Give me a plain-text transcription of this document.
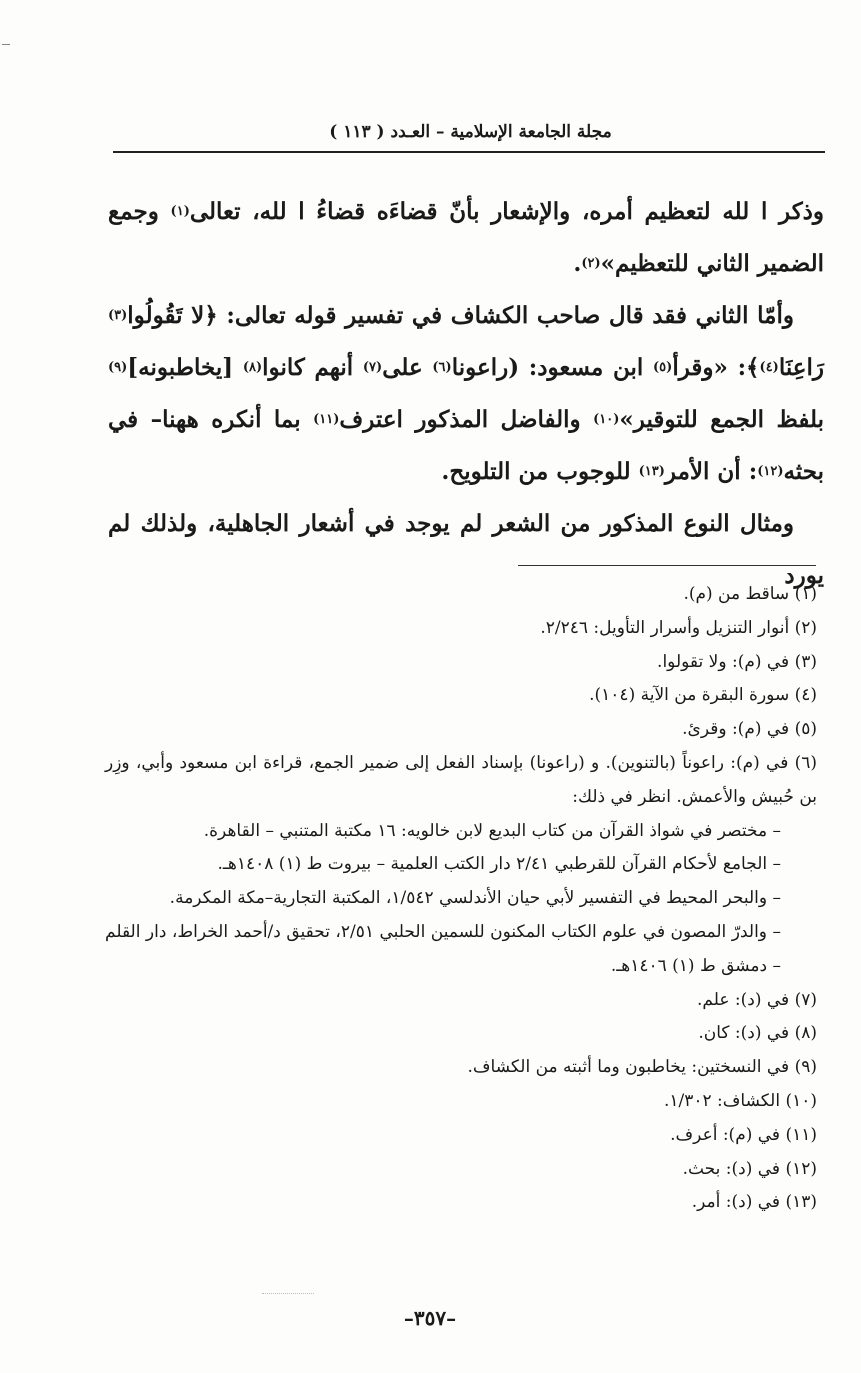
مجلة الجامعة الإسلامية – العـدد ( ١١٣ )

وذكر ا لله لتعظيم أمره، والإشعار بأنّ قضاءَه قضاءُ ا لله، تعالى$^{(١)}$ وجمع الضمير الثاني للتعظيم»$^{(٢)}$.

وأمّا الثاني فقد قال صاحب الكشاف في تفسير قوله تعالى: ﴿لا تَقُولُوا$^{(٣)}$ رَاعِنَا$^{(٤)}$﴾: «وقرأ$^{(٥)}$ ابن مسعود: (راعونا$^{(٦)}$ على$^{(٧)}$ أنهم كانوا$^{(٨)}$ [يخاطبونه]$^{(٩)}$ بلفظ الجمع للتوقير»$^{(١٠)}$ والفاضل المذكور اعترف$^{(١١)}$ بما أنكره ههنا– في بحثه$^{(١٢)}$: أن الأمر$^{(١٣)}$ للوجوب من التلويح.

ومثال النوع المذكور من الشعر لم يوجد في أشعار الجاهلية، ولذلك لم يورد

(١) ساقط من (م).

(٢) أنوار التنزيل وأسرار التأويل: ٢/٢٤٦.

(٣) في (م): ولا تقولوا.

(٤) سورة البقرة من الآية (١٠٤).

(٥) في (م): وقرئ.

(٦) في (م): راعوناً (بالتنوين). و (راعونا) بإسناد الفعل إلى ضمير الجمع، قراءة ابن مسعود وأبي، وزِر بن حُبيش والأعمش. انظر في ذلك:

– مختصر في شواذ القرآن من كتاب البديع لابن خالويه: ١٦ مكتبة المتنبي – القاهرة.

– الجامع لأحكام القرآن للقرطبي ٢/٤١ دار الكتب العلمية – بيروت ط (١) ١٤٠٨هـ.

– والبحر المحيط في التفسير لأبي حيان الأندلسي ١/٥٤٢، المكتبة التجارية–مكة المكرمة.

– والدرّ المصون في علوم الكتاب المكنون للسمين الحلبي ٢/٥١، تحقيق د/أحمد الخراط، دار القلم – دمشق ط (١) ١٤٠٦هـ.

(٧) في (د): علم.

(٨) في (د): كان.

(٩) في النسختين: يخاطبون وما أثبته من الكشاف.

(١٠) الكشاف: ١/٣٠٢.

(١١) في (م): أعرف.

(١٢) في (د): بحث.

(١٣) في (د): أمر.

–٣٥٧–
